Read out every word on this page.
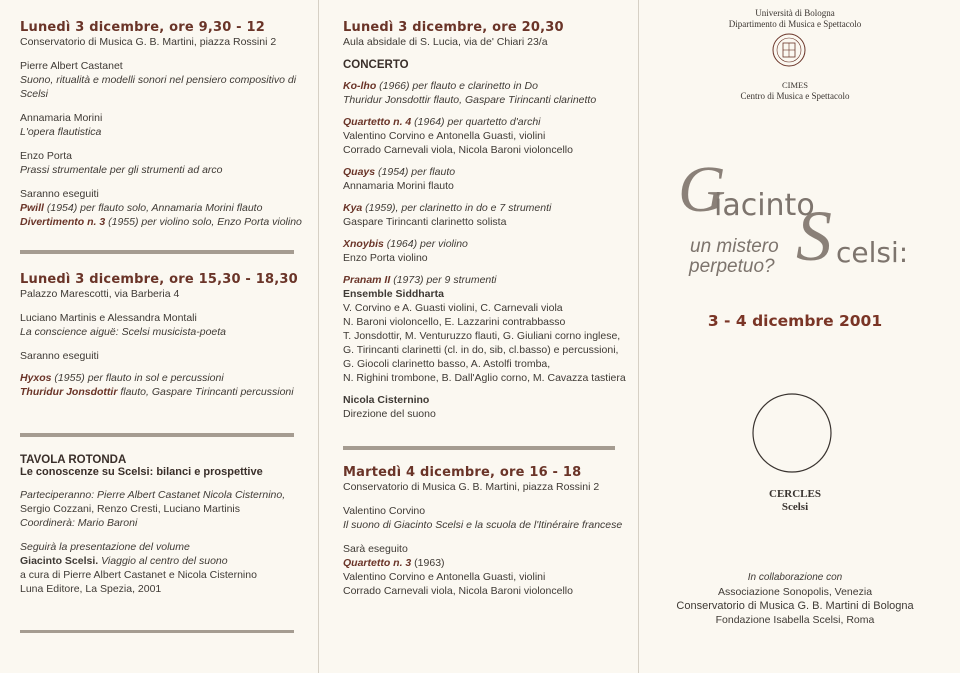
Lunedì 3 dicembre, ore 9,30 - 12
Conservatorio di Musica G. B. Martini, piazza Rossini 2
Pierre Albert Castanet
Suono, ritualità e modelli sonori nel pensiero compositivo di
Scelsi
Annamaria Morini
L'opera flautistica
Enzo Porta
Prassi strumentale per gli strumenti ad arco
Saranno eseguiti
Pwill (1954) per flauto solo, Annamaria Morini flauto
Divertimento n. 3 (1955) per violino solo, Enzo Porta violino
Lunedì 3 dicembre, ore 15,30 - 18,30
Palazzo Marescotti, via Barberia 4
Luciano Martinis e Alessandra Montali
La conscience aiguë: Scelsi musicista-poeta
Saranno eseguiti
Hyxos (1955) per flauto in sol e percussioni
Thuridur Jonsdottir flauto, Gaspare Tirincanti percussioni
TAVOLA ROTONDA
Le conoscenze su Scelsi: bilanci e prospettive
Parteciperanno: Pierre Albert Castanet Nicola Cisternino,
Sergio Cozzani, Renzo Cresti, Luciano Martinis
Coordinerà: Mario Baroni
Seguirà la presentazione del volume
Giacinto Scelsi. Viaggio al centro del suono
a cura di Pierre Albert Castanet e Nicola Cisternino
Luna Editore, La Spezia, 2001
Lunedì 3 dicembre, ore 20,30
Aula absidale di S. Lucia, via de' Chiari 23/a
CONCERTO
Ko-lho (1966) per flauto e clarinetto in Do
Thuridur Jonsdottir flauto, Gaspare Tirincanti clarinetto
Quartetto n. 4 (1964) per quartetto d'archi
Valentino Corvino e Antonella Guasti, violini
Corrado Carnevali viola, Nicola Baroni violoncello
Quays (1954) per flauto
Annamaria Morini flauto
Kya (1959), per clarinetto in do e 7 strumenti
Gaspare Tirincanti clarinetto solista
Xnoybis (1964) per violino
Enzo Porta violino
Pranam II (1973) per 9 strumenti
Ensemble Siddharta
V. Corvino e A. Guasti violini, C. Carnevali viola
N. Baroni violoncello, E. Lazzarini contrabbasso
T. Jonsdottir, M. Venturuzzo flauti, G. Giuliani corno inglese,
G. Tirincanti clarinetti (cl. in do, sib, cl.basso) e percussioni,
G. Giocoli clarinetto basso, A. Astolfi tromba,
N. Righini trombone, B. Dall'Aglio corno, M. Cavazza tastiera
Nicola Cisternino
Direzione del suono
Martedì 4 dicembre, ore 16 - 18
Conservatorio di Musica G. B. Martini, piazza Rossini 2
Valentino Corvino
Il suono di Giacinto Scelsi e la scuola de l'Itinéraire francese
Sarà eseguito
Quartetto n. 3 (1963)
Valentino Corvino e Antonella Guasti, violini
Corrado Carnevali viola, Nicola Baroni violoncello
Università di Bologna
Dipartimento di Musica e Spettacolo
CIMES
Centro di Musica e Spettacolo
G
iacinto
S celsi:
un mistero
perpetuo?
3 - 4 dicembre 2001
CERCLES
Scelsi
In collaborazione con
Associazione Sonopolis, Venezia
Conservatorio di Musica G. B. Martini di Bologna
Fondazione Isabella Scelsi, Roma
